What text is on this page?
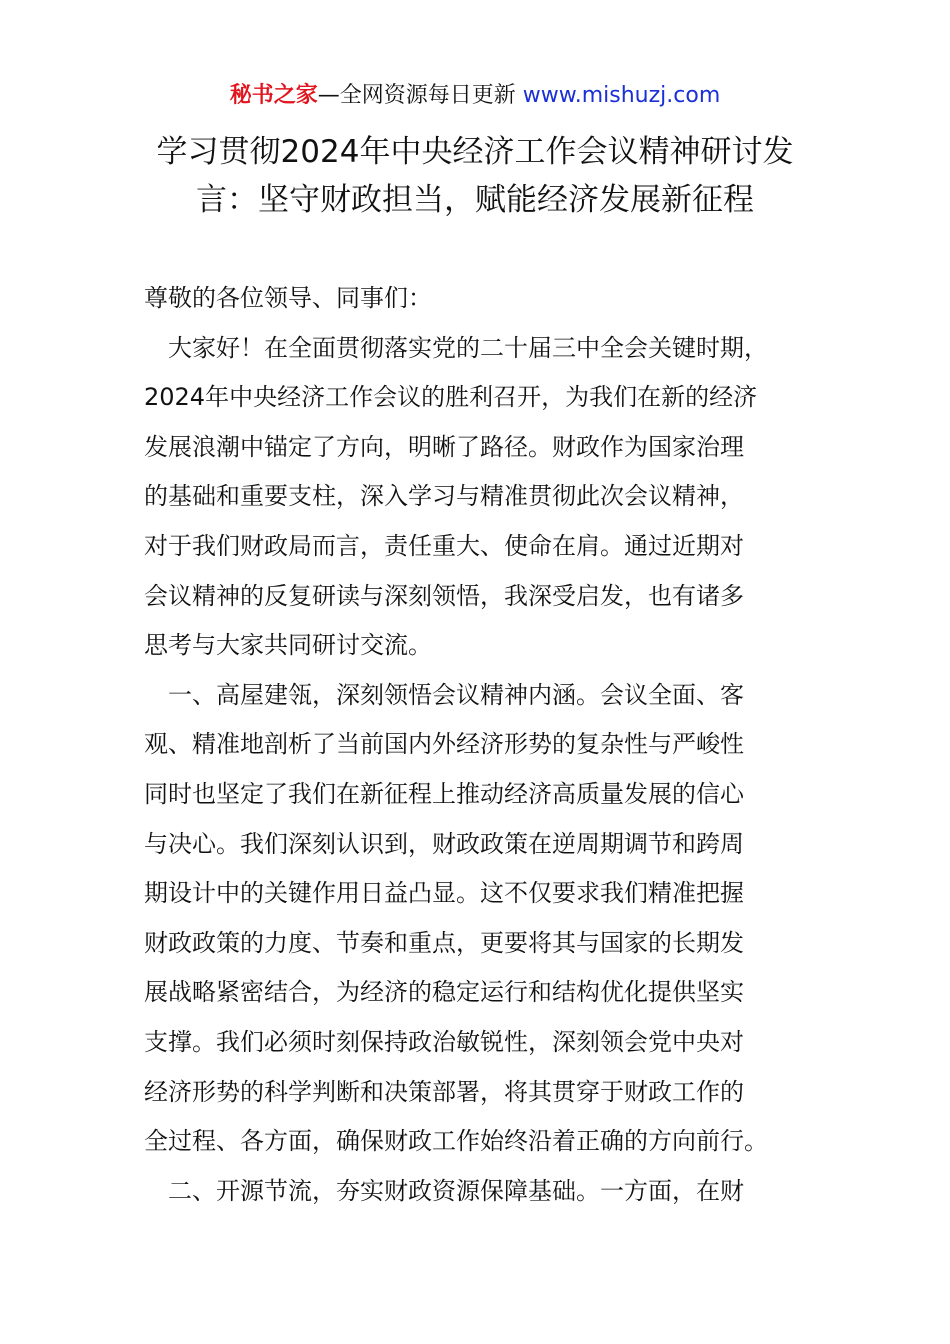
秘书之家—全网资源每日更新 www.mishuzj.com
学习贯彻2024年中央经济工作会议精神研讨发
言：坚守财政担当，赋能经济发展新征程
尊敬的各位领导、同事们：
　大家好！在全面贯彻落实党的二十届三中全会关键时期，
2024年中央经济工作会议的胜利召开，为我们在新的经济
发展浪潮中锚定了方向，明晰了路径。财政作为国家治理
的基础和重要支柱，深入学习与精准贯彻此次会议精神，
对于我们财政局而言，责任重大、使命在肩。通过近期对
会议精神的反复研读与深刻领悟，我深受启发，也有诸多
思考与大家共同研讨交流。
　一、高屋建瓴，深刻领悟会议精神内涵。会议全面、客
观、精准地剖析了当前国内外经济形势的复杂性与严峻性
同时也坚定了我们在新征程上推动经济高质量发展的信心
与决心。我们深刻认识到，财政政策在逆周期调节和跨周
期设计中的关键作用日益凸显。这不仅要求我们精准把握
财政政策的力度、节奏和重点，更要将其与国家的长期发
展战略紧密结合，为经济的稳定运行和结构优化提供坚实
支撑。我们必须时刻保持政治敏锐性，深刻领会党中央对
经济形势的科学判断和决策部署，将其贯穿于财政工作的
全过程、各方面，确保财政工作始终沿着正确的方向前行。
　二、开源节流，夯实财政资源保障基础。一方面，在财
